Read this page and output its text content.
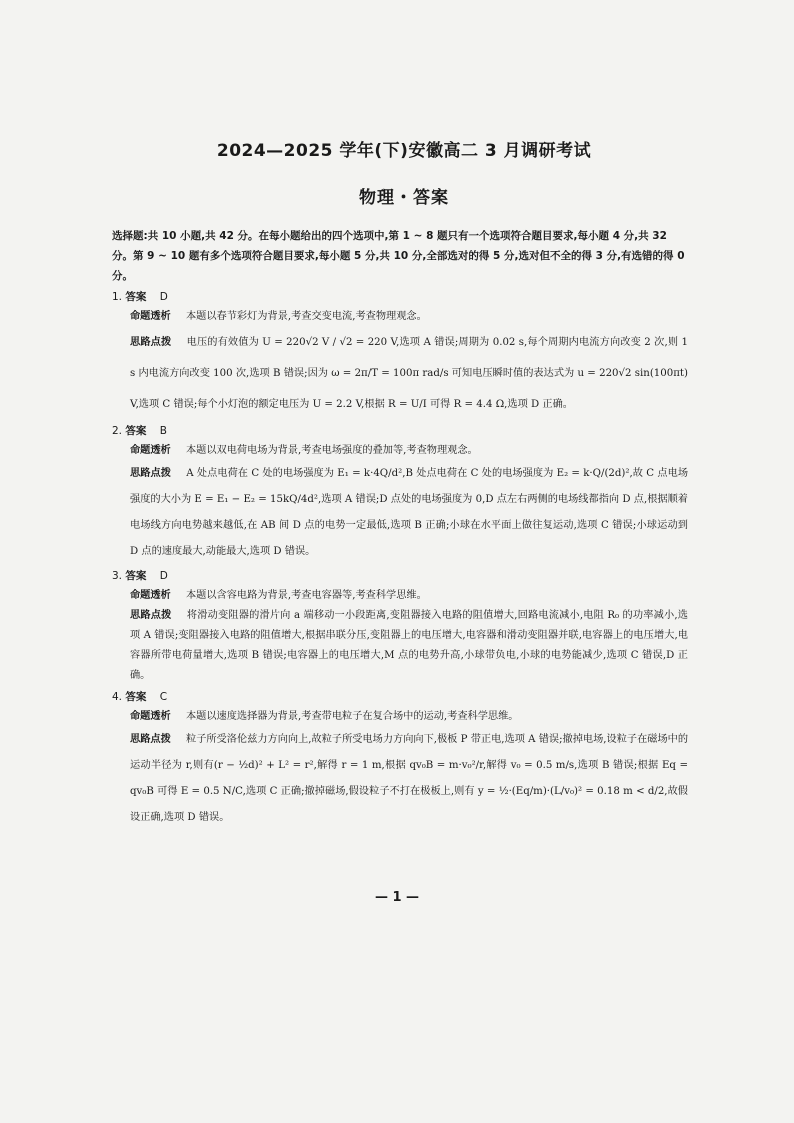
2024—2025 学年(下)安徽高二 3 月调研考试
物理・答案
选择题:共 10 小题,共 42 分。在每小题给出的四个选项中,第 1 ~ 8 题只有一个选项符合题目要求,每小题 4 分,共 32 分。第 9 ~ 10 题有多个选项符合题目要求,每小题 5 分,共 10 分,全部选对的得 5 分,选对但不全的得 3 分,有选错的得 0 分。
1. 答案 D
命题透析 本题以春节彩灯为背景,考查交变电流,考查物理观念。
思路点拨 电压的有效值为 U = 220√2 V / √2 = 220 V,选项 A 错误;周期为 0.02 s,每个周期内电流方向改变 2 次,则 1 s 内电流方向改变 100 次,选项 B 错误;因为 ω = 2π/T = 100π rad/s 可知电压瞬时值的表达式为 u = 220√2 sin(100πt) V,选项 C 错误;每个小灯泡的额定电压为 U = 2.2 V,根据 R = U/I 可得 R = 4.4 Ω,选项 D 正确。
2. 答案 B
命题透析 本题以双电荷电场为背景,考查电场强度的叠加等,考查物理观念。
思路点拨 A 处点电荷在 C 处的电场强度为 E₁ = k·4Q/d²,B 处点电荷在 C 处的电场强度为 E₂ = k·Q/(2d)²,故 C 点电场强度的大小为 E = E₁ − E₂ = 15kQ/4d²,选项 A 错误;D 点处的电场强度为 0,D 点左右两侧的电场线都指向 D 点,根据顺着电场线方向电势越来越低,在 AB 间 D 点的电势一定最低,选项 B 正确;小球在水平面上做往复运动,选项 C 错误;小球运动到 D 点的速度最大,动能最大,选项 D 错误。
3. 答案 D
命题透析 本题以含容电路为背景,考查电容器等,考查科学思维。
思路点拨 将滑动变阻器的滑片向 a 端移动一小段距离,变阻器接入电路的阻值增大,回路电流减小,电阻 R₀ 的功率减小,选项 A 错误;变阻器接入电路的阻值增大,根据串联分压,变阻器上的电压增大,电容器和滑动变阻器并联,电容器上的电压增大,电容器所带电荷量增大,选项 B 错误;电容器上的电压增大,M 点的电势升高,小球带负电,小球的电势能减少,选项 C 错误,D 正确。
4. 答案 C
命题透析 本题以速度选择器为背景,考查带电粒子在复合场中的运动,考查科学思维。
思路点拨 粒子所受洛伦兹力方向向上,故粒子所受电场力方向向下,极板 P 带正电,选项 A 错误;撤掉电场,设粒子在磁场中的运动半径为 r,则有(r − ½d)² + L² = r²,解得 r = 1 m,根据 qv₀B = m·v₀²/r,解得 v₀ = 0.5 m/s,选项 B 错误;根据 Eq = qv₀B 可得 E = 0.5 N/C,选项 C 正确;撤掉磁场,假设粒子不打在极板上,则有 y = ½·(Eq/m)·(L/v₀)² = 0.18 m < d/2,故假设正确,选项 D 错误。
— 1 —
